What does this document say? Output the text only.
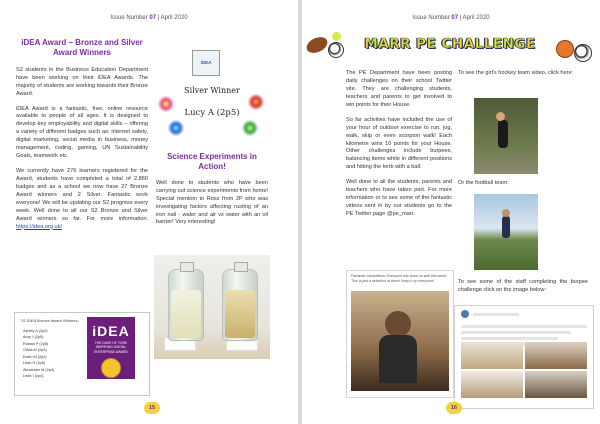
Issue Number 07 | April 2020
iDEA Award – Bronze and Silver Award Winners

S2 students in the Business Education Department have been working on their iDEA Awards. The majority of students are working towards their Bronze Award.

iDEA Award is a fantastic, free, online resource available to people of all ages. It is designed to develop key employability and digital skills – offering a variety of different badges such as: internet safety, digital marketing, social media in business, money management, coding, gaming, UN Sustainability Goals, teamwork etc.

We currently have 276 learners registered for the Award, students have completed a total of 2,860 badges and as a school we now have 27 Bronze Award winners and 2 Silver. Fantastic work everyone! We will be updating our S2 progress every week. Well done to all our S2 Bronze and Silver Award winners so far. For more information: https://idea.org.uk/

iDEA
Silver Winner
Lucy A (2p5)
Science Experiments in Action!

Well done to students who have been carrying out science experiments from home! Special mention to Ross from 2P who was investigating factors affecting rusting of an iron nail - water and air vs water with an oil barrier! Very interesting!

S2 iDEA Bronze Award Winners:
Ashley A (2p4)
Amy J (2p5)
Rowan P (2p5)
Olivia M (2p5)
Ewen M (2p4)
Leah H (2p5)
Alexander M (2p4)
Leah I (2p4)
iDEA
THE DUKE OF YORK INSPIRING DIGITAL ENTERPRISE AWARD
15
Issue Number 07 | April 2020
MARR PE CHALLENGE

The PE Department have been posting daily challenges on their school Twitter site. They are challenging students, teachers and parents to get involved to win points for their House.

So far activities have included the use of your hour of outdoor exercise to run, jog, walk, skip or even scorpion walk! Each kilometre wins 10 points for your House. Other challenges include burpees, balancing items while in different positions and hitting the kerb with a ball.

Well done to all the students, parents and teachers who have taken part. For more information or to see some of the fantastic videos sent in by our students go to the PE Twitter page @pe_marr.

To see the girl's hockey team video, click here:

Or the football team:

To see some of the staff completing the burpee challenge click on the image below:

Fantastic competition. Everyone has done so well this week. This is just a selection of them! Keep it up everyone!
16
